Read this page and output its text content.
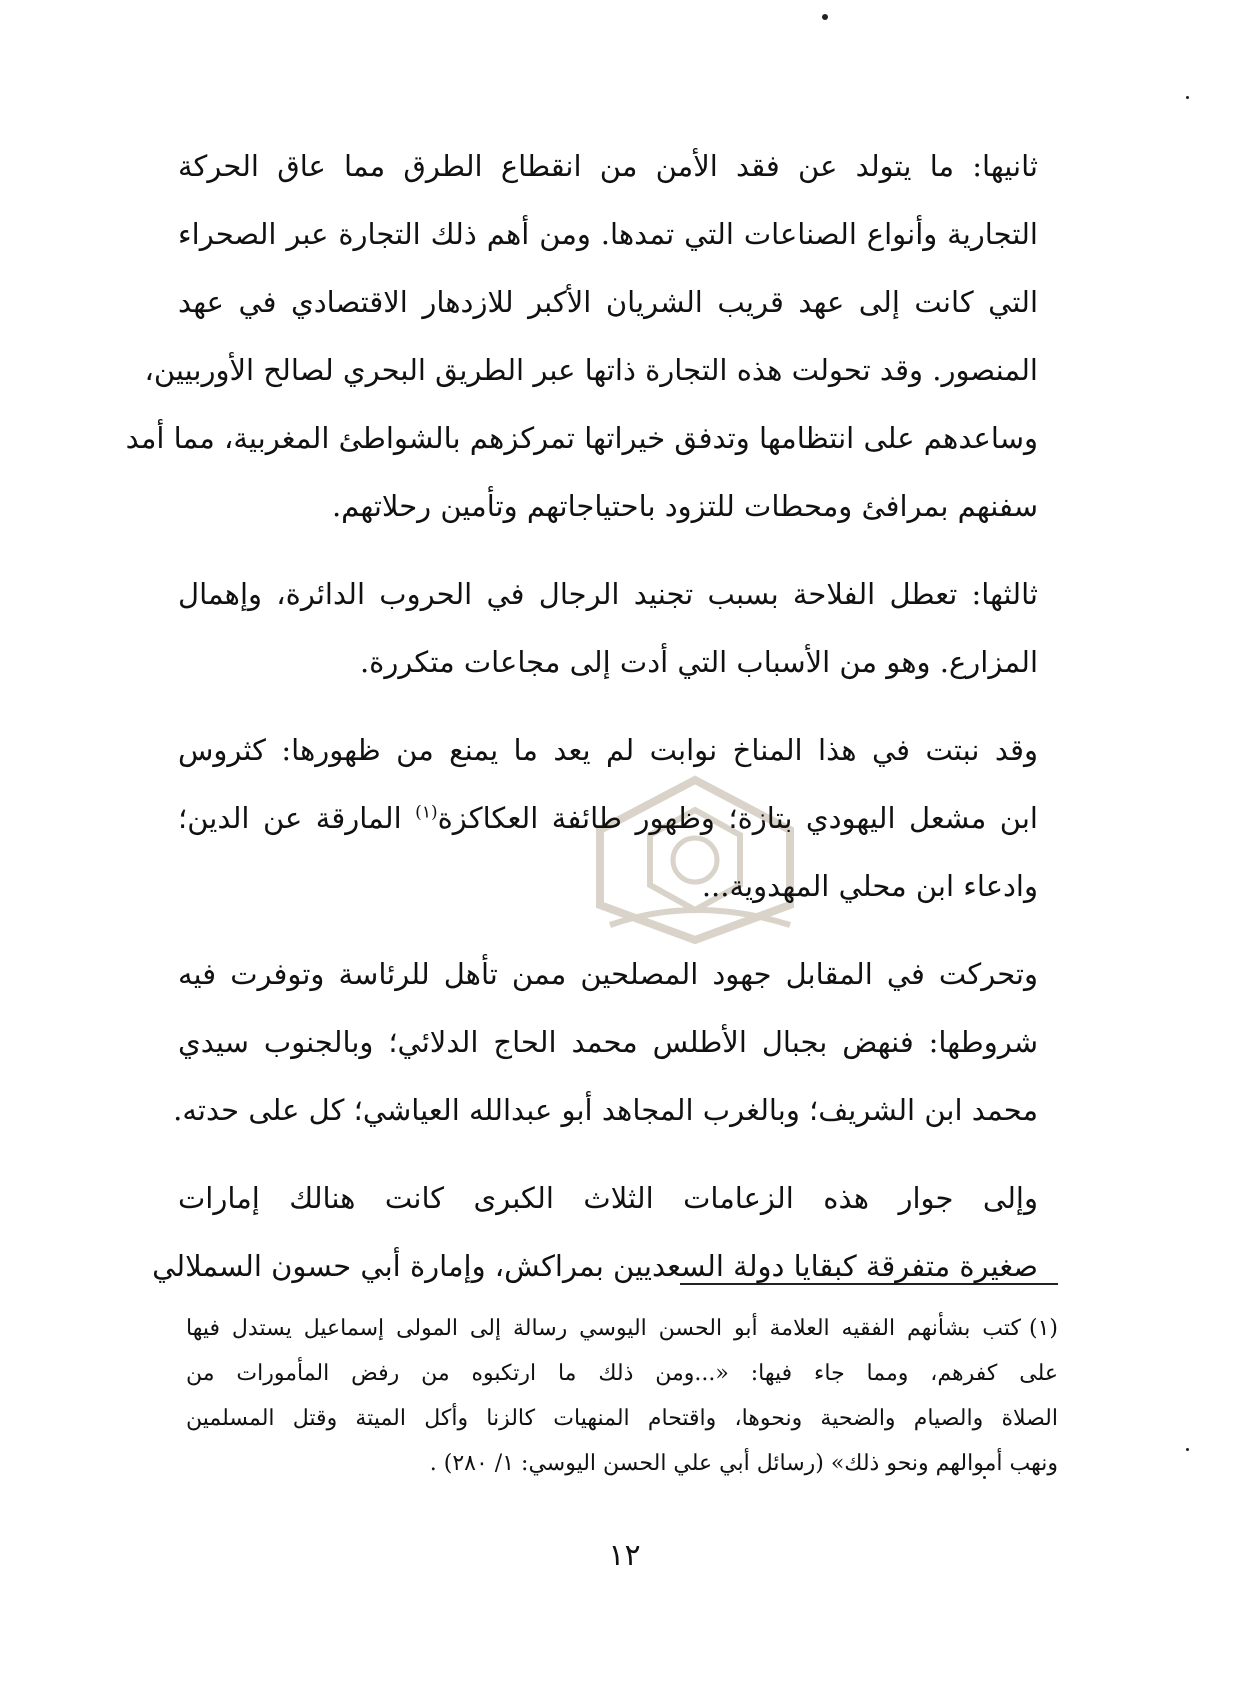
ثانيها: ما يتولد عن فقد الأمن من انقطاع الطرق مما عاق الحركة
التجارية وأنواع الصناعات التي تمدها. ومن أهم ذلك التجارة عبر الصحراء
التي كانت إلى عهد قريب الشريان الأكبر للازدهار الاقتصادي في عهد
المنصور. وقد تحولت هذه التجارة ذاتها عبر الطريق البحري لصالح الأوربيين،
وساعدهم على انتظامها وتدفق خيراتها تمركزهم بالشواطئ المغربية، مما أمد
سفنهم بمرافئ ومحطات للتزود باحتياجاتهم وتأمين رحلاتهم.

ثالثها: تعطل الفلاحة بسبب تجنيد الرجال في الحروب الدائرة، وإهمال
المزارع. وهو من الأسباب التي أدت إلى مجاعات متكررة.

وقد نبتت في هذا المناخ نوابت لم يعد ما يمنع من ظهورها: كثروس
ابن مشعل اليهودي بتازة؛ وظهور طائفة العكاكزة$^{(١)}$ المارقة عن الدين؛
وادعاء ابن محلي المهدوية...

وتحركت في المقابل جهود المصلحين ممن تأهل للرئاسة وتوفرت فيه
شروطها: فنهض بجبال الأطلس محمد الحاج الدلائي؛ وبالجنوب سيدي
محمد ابن الشريف؛ وبالغرب المجاهد أبو عبدالله العياشي؛ كل على حدته.

وإلى جوار هذه الزعامات الثلاث الكبرى كانت هنالك إمارات
صغيرة متفرقة كبقايا دولة السعديين بمراكش، وإمارة أبي حسون السملالي

(١)كتب بشأنهم الفقيه العلامة أبو الحسن اليوسي رسالة إلى المولى إسماعيل يستدل فيها
على كفرهم، ومما جاء فيها: «...ومن ذلك ما ارتكبوه من رفض المأمورات من
الصلاة والصيام والضحية ونحوها، واقتحام المنهيات كالزنا وأكل الميتة وقتل المسلمين
ونهب أموالهم ونحو ذلك» (رسائل أبي علي الحسن اليوسي: ١/ ٢٨٠) .
١٢
